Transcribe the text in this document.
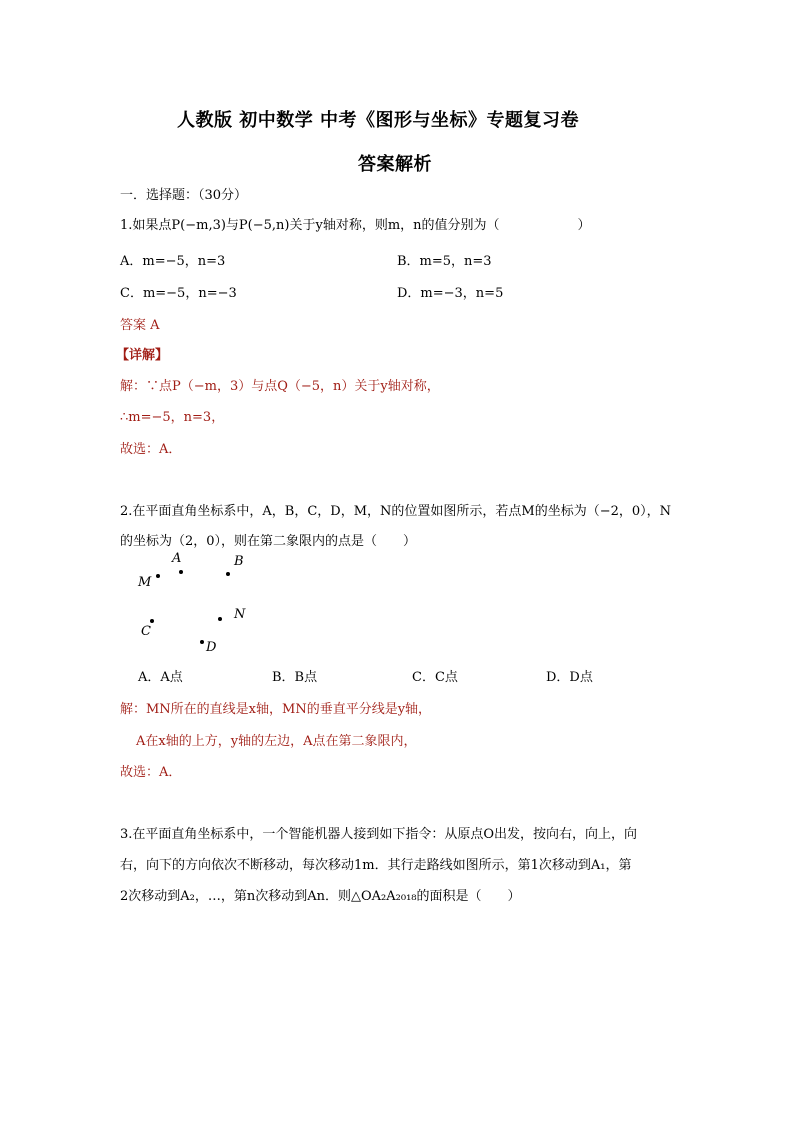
人教版 初中数学 中考《图形与坐标》专题复习卷
答案解析
一．选择题：（30分）
1.如果点P(−m,3)与P(−5,n)关于y轴对称，则m，n的值分别为（　　　　　　）
A．m=−5，n=3	B．m=5，n=3
C．m=−5，n=−3	D．m=−3，n=5
答案 A
【详解】
解：∵点P（−m，3）与点Q（−5，n）关于y轴对称，
∴m=−5，n=3，
故选：A．
2.在平面直角坐标系中，A，B，C，D，M，N的位置如图所示，若点M的坐标为（−2，0），N
的坐标为（2，0），则在第二象限内的点是（　　）
A	B
M
N
C
D
A．A点	B．B点	C．C点	D．D点
解：MN所在的直线是x轴，MN的垂直平分线是y轴，
A在x轴的上方，y轴的左边，A点在第二象限内，
故选：A．
3.在平面直角坐标系中，一个智能机器人接到如下指令：从原点O出发，按向右，向上，向
右，向下的方向依次不断移动，每次移动1m．其行走路线如图所示，第1次移动到A₁，第
2次移动到A₂，…，第n次移动到An．则△OA₂A₂₀₁₈的面积是（　　）
